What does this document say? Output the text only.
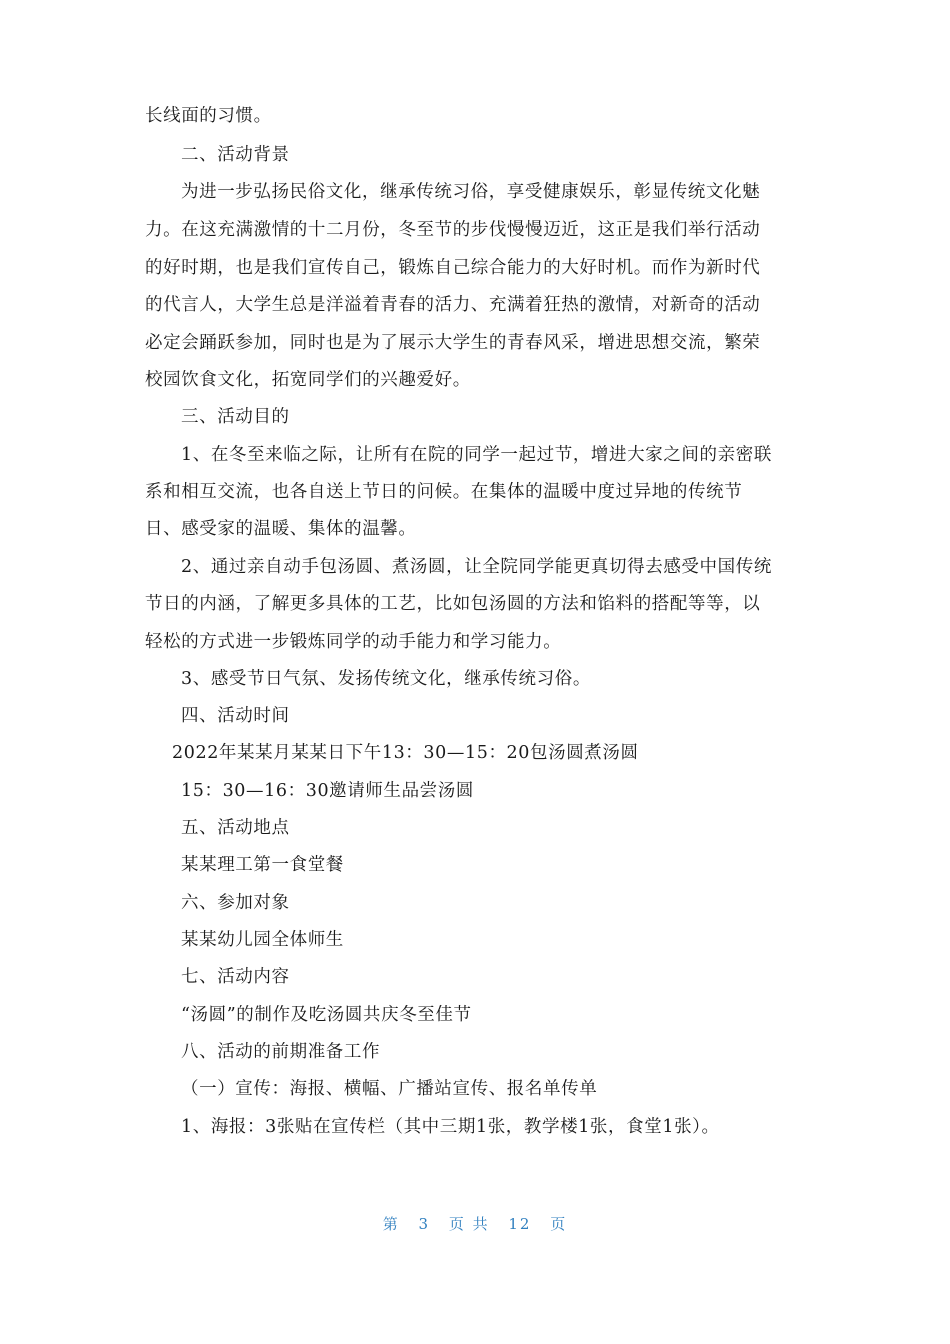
长线面的习惯。
二、活动背景
为进一步弘扬民俗文化，继承传统习俗，享受健康娱乐，彰显传统文化魅
力。在这充满激情的十二月份，冬至节的步伐慢慢迈近，这正是我们举行活动
的好时期，也是我们宣传自己，锻炼自己综合能力的大好时机。而作为新时代
的代言人，大学生总是洋溢着青春的活力、充满着狂热的激情，对新奇的活动
必定会踊跃参加，同时也是为了展示大学生的青春风采，增进思想交流，繁荣
校园饮食文化，拓宽同学们的兴趣爱好。
三、活动目的
1、在冬至来临之际，让所有在院的同学一起过节，增进大家之间的亲密联
系和相互交流，也各自送上节日的问候。在集体的温暖中度过异地的传统节
日、感受家的温暖、集体的温馨。
2、通过亲自动手包汤圆、煮汤圆，让全院同学能更真切得去感受中国传统
节日的内涵，了解更多具体的工艺，比如包汤圆的方法和馅料的搭配等等，以
轻松的方式进一步锻炼同学的动手能力和学习能力。
3、感受节日气氛、发扬传统文化，继承传统习俗。
四、活动时间
2022年某某月某某日下午13：30—15：20包汤圆煮汤圆
15：30—16：30邀请师生品尝汤圆
五、活动地点
某某理工第一食堂餐
六、参加对象
某某幼儿园全体师生
七、活动内容
“汤圆”的制作及吃汤圆共庆冬至佳节
八、活动的前期准备工作
（一）宣传：海报、横幅、广播站宣传、报名单传单
1、海报：3张贴在宣传栏（其中三期1张，教学楼1张，食堂1张）。
第 3 页 共 12 页
